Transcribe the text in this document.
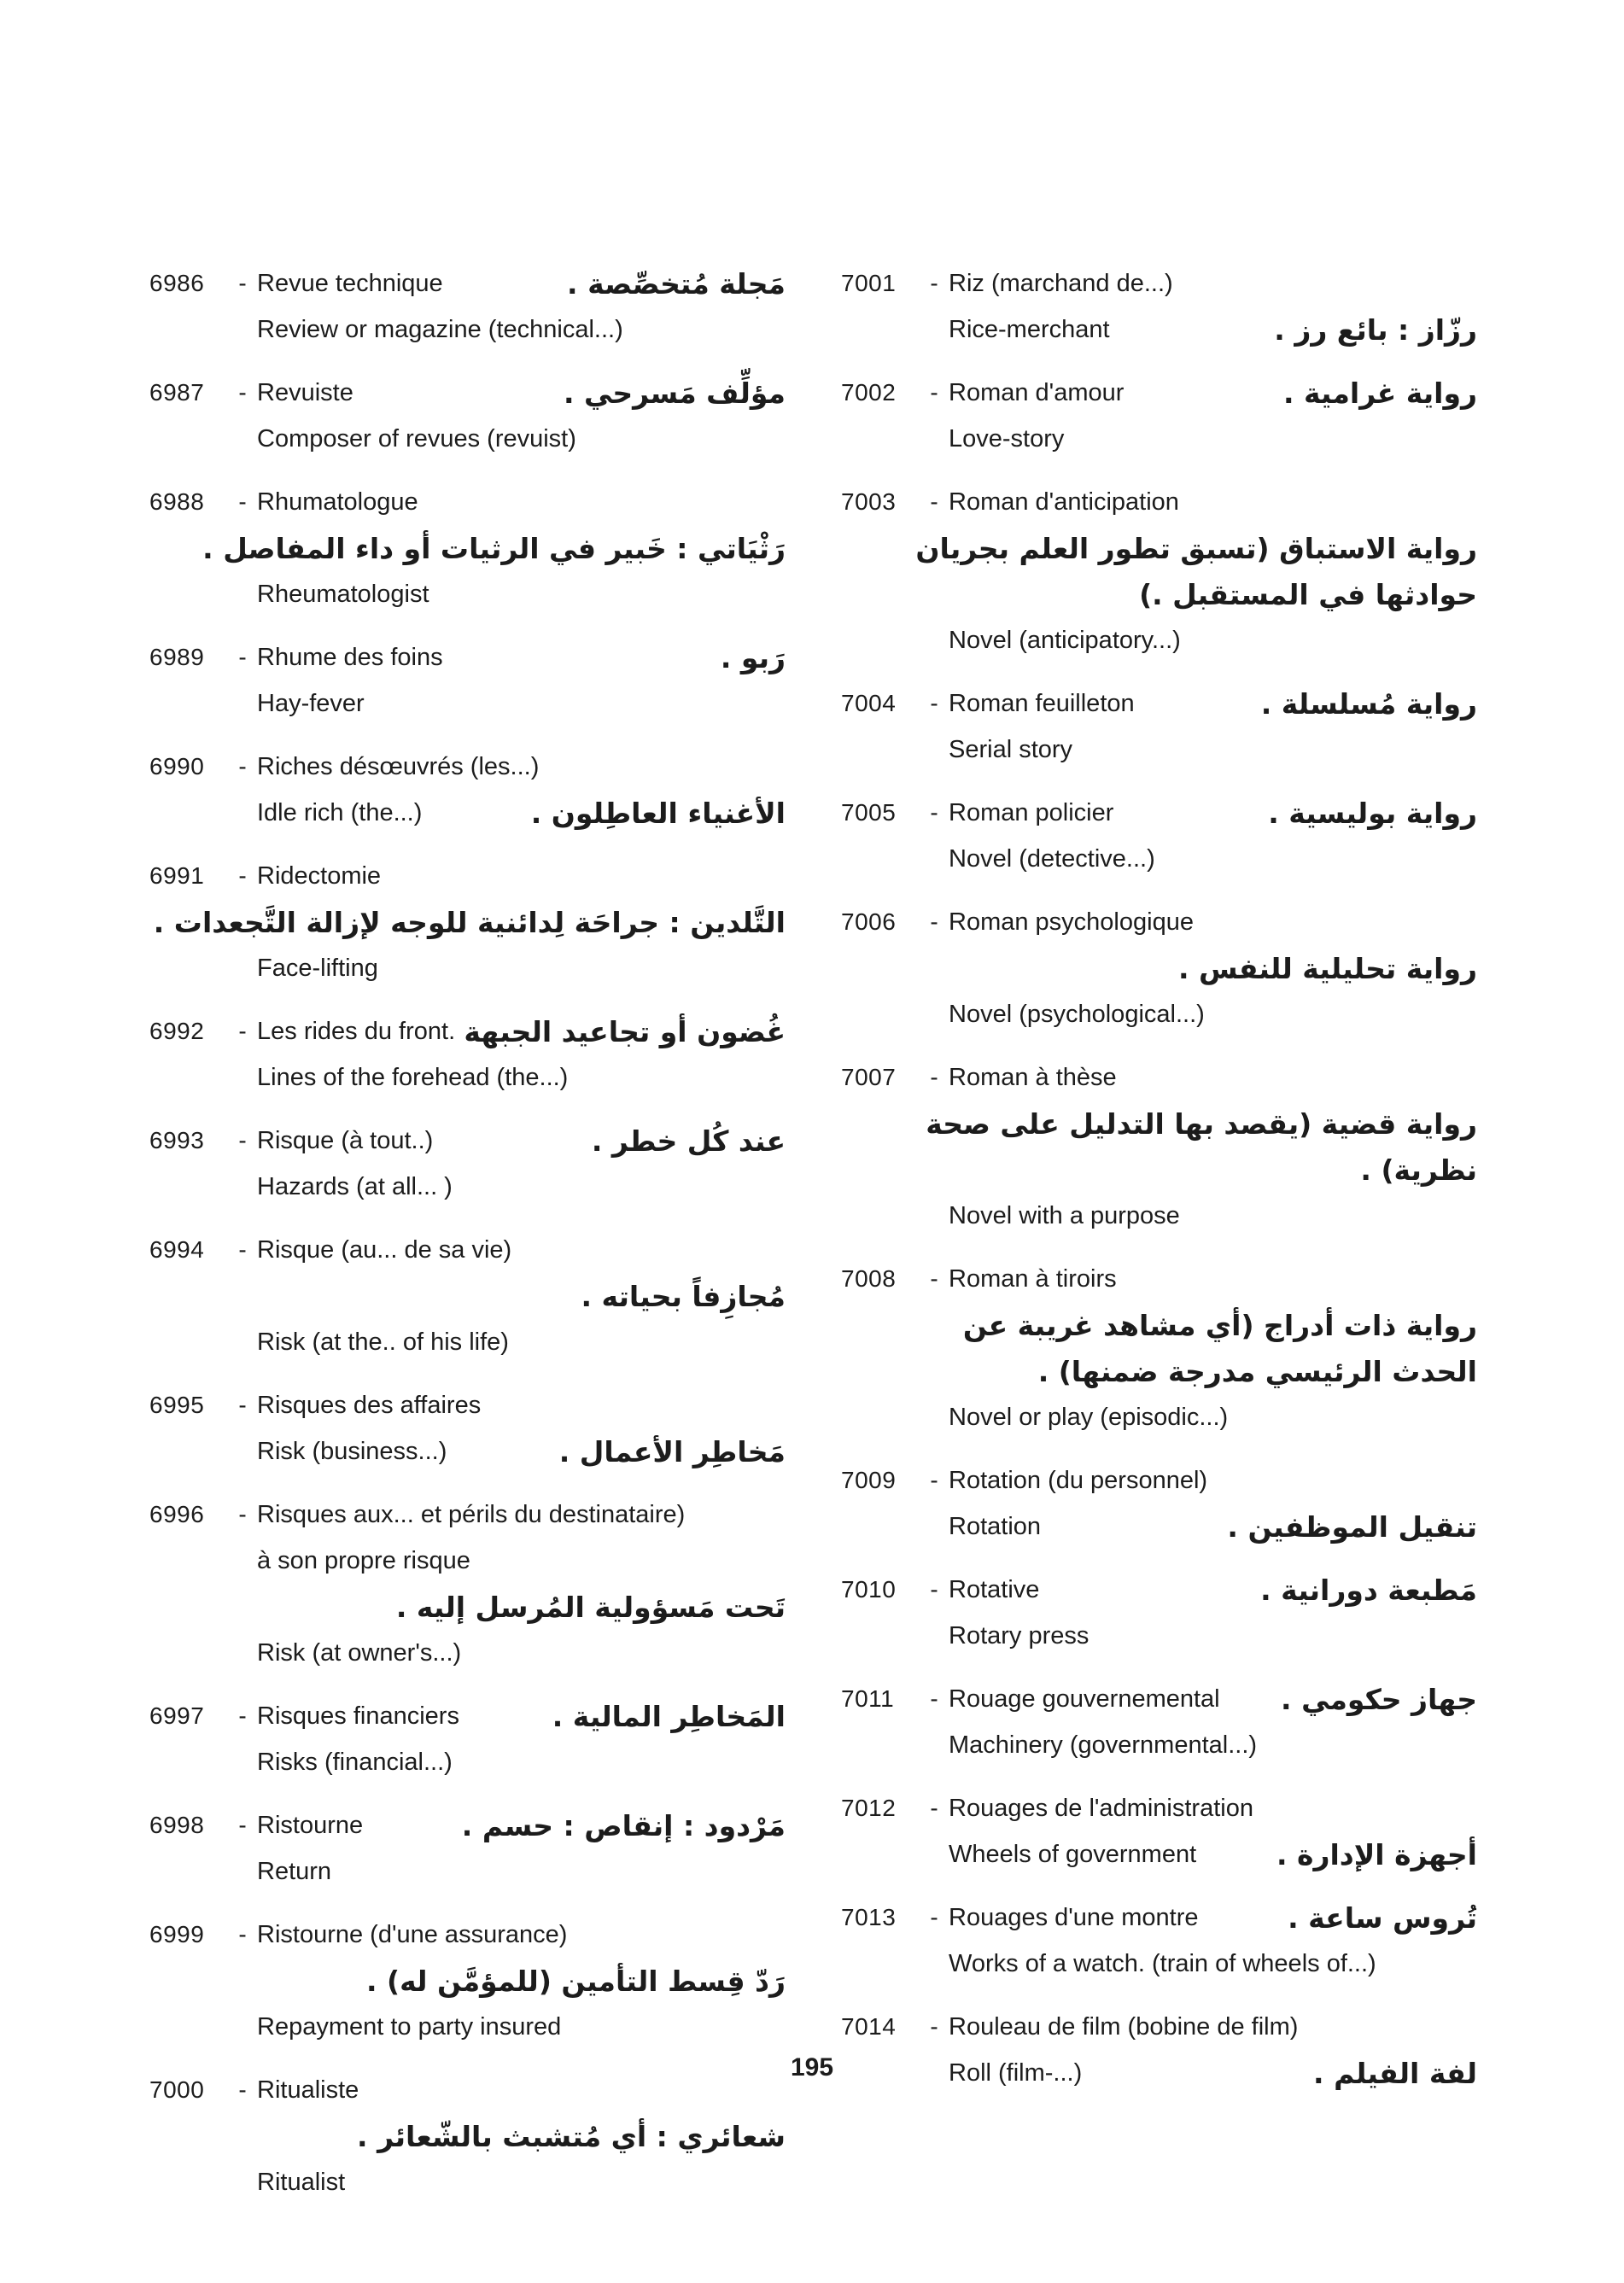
6986	- Revue technique	مَجلة مُتخصِّصة .
Review or magazine (technical...)
6987	- Revuiste	مؤلِّف مَسرحي .
Composer of revues (revuist)
6988	- Rhumatologue
رَثْيَاتي : خَبير في الرثيات أو داء المفاصل .
Rheumatologist
6989	- Rhume des foins	رَبو .
Hay-fever
6990	- Riches désœuvrés (les...)
Idle rich (the...)	الأغنياء العاطِلون .
6991	- Ridectomie
التَّلدين : جراحَة لِدائنية للوجه لإزالة التَّجعدات .
Face-lifting
6992	- Les rides du front. غُضون أو تجاعيد الجبهة
Lines of the forehead (the...)
6993	- Risque (à tout..)	عند كُل خطر .
Hazards (at all... )
6994	- Risque (au... de sa vie)
مُجازِفاً بحياته .
Risk (at the.. of his life)
6995	- Risques des affaires
Risk (business...)	مَخاطِر الأعمال .
6996	- Risques aux... et périls du destinataire)
à son propre risque
تَحت مَسؤولية المُرسل إليه .
Risk (at owner's...)
6997	- Risques financiers	المَخاطِر المالية .
Risks (financial...)
6998	- Ristourne	مَرْدود : إنقاص : حسم .
Return
6999	- Ristourne (d'une assurance)
رَدّ قِسط التأمين (للمؤمَّن له) .
Repayment to party insured
7000	- Ritualiste
شعائري : أي مُتشبث بالشّعائر .
Ritualist
7001	- Riz (marchand de...)
Rice-merchant	رزّاز : بائع رز .
7002	- Roman d'amour	رواية غرامية .
Love-story
7003	- Roman d'anticipation
رواية الاستباق (تسبق تطور العلم بجريان
حوادثها في المستقبل .)
Novel (anticipatory...)
7004	- Roman feuilleton	رواية مُسلسلة .
Serial story
7005	- Roman policier	رواية بوليسية .
Novel (detective...)
7006	- Roman psychologique
رواية تحليلية للنفس .
Novel (psychological...)
7007	- Roman à thèse
رواية قضية (يقصد بها التدليل على صحة
نظرية) .
Novel with a purpose
7008	- Roman à tiroirs
رواية ذات أدراج (أي مشاهد غريبة عن
الحدث الرئيسي مدرجة ضمنها) .
Novel or play (episodic...)
7009	- Rotation (du personnel)
Rotation	تنقيل الموظفين .
7010	- Rotative	مَطبعة دورانية .
Rotary press
7011	- Rouage gouvernemental جهاز حكومي .
Machinery (governmental...)
7012	- Rouages de l'administration
Wheels of government	أجهزة الإدارة .
7013	- Rouages d'une montre	تُروس ساعة .
Works of a watch. (train of wheels of...)
7014	- Rouleau de film (bobine de film)
Roll (film-...)	لفة الفيلم .
195
